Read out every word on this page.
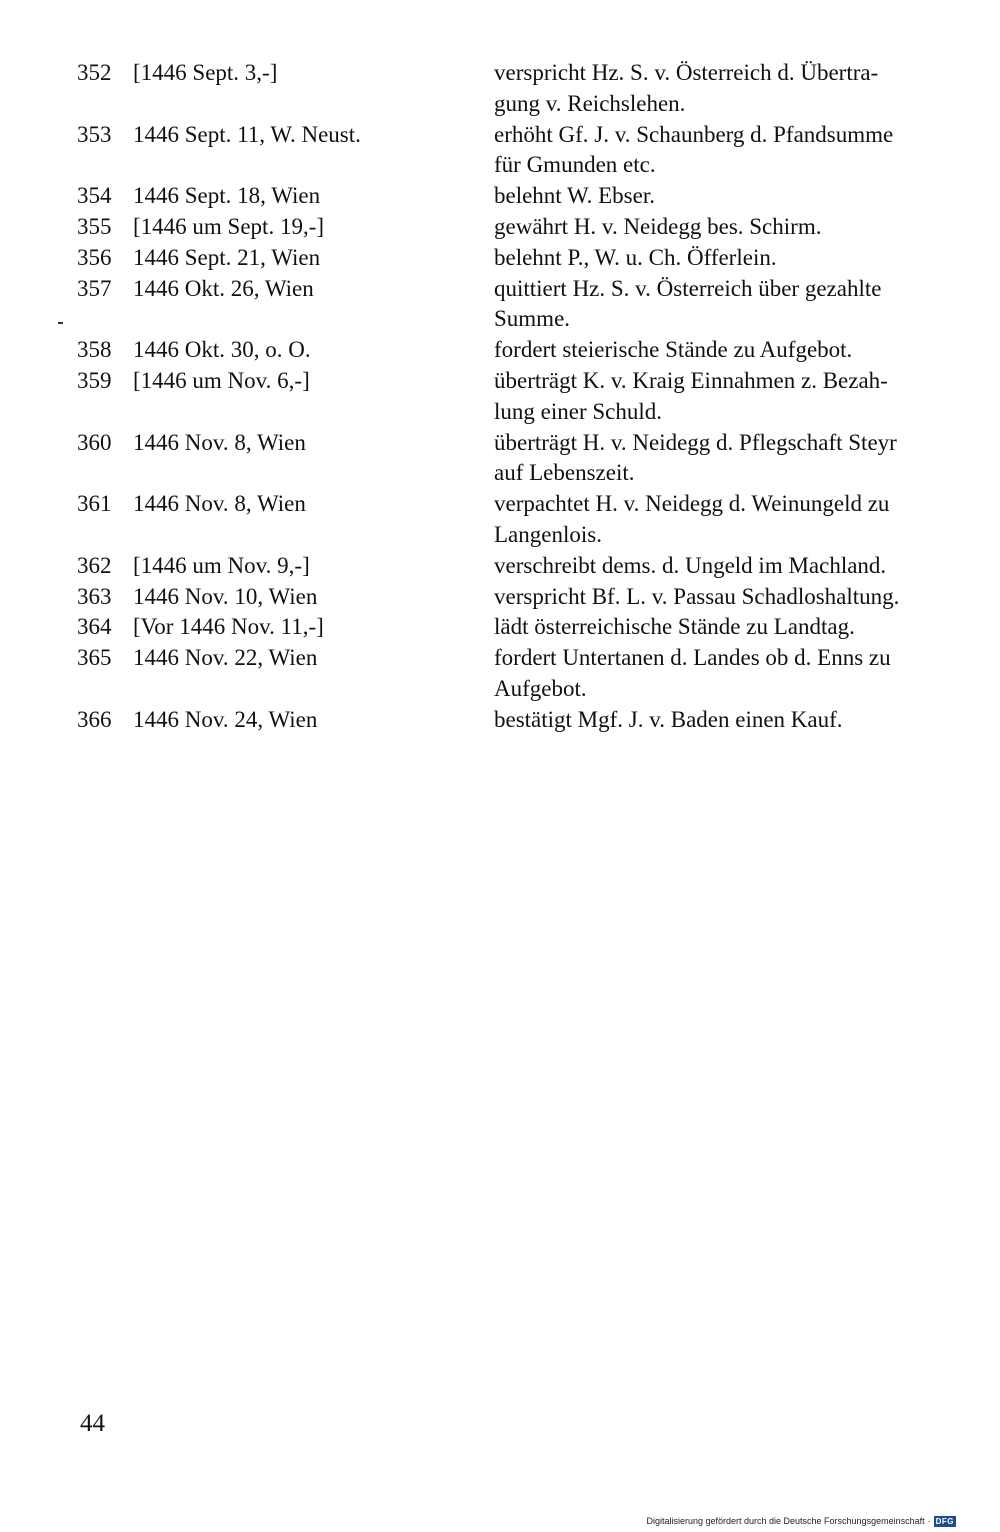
352 [1446 Sept. 3,-]	verspricht Hz. S. v. Österreich d. Übertra-
gung v. Reichslehen.
353 1446 Sept. 11, W. Neust.	erhöht Gf. J. v. Schaunberg d. Pfandsumme
für Gmunden etc.
354 1446 Sept. 18, Wien	belehnt W. Ebser.
355 [1446 um Sept. 19,-]	gewährt H. v. Neidegg bes. Schirm.
356 1446 Sept. 21, Wien	belehnt P., W. u. Ch. Öfferlein.
357 1446 Okt. 26, Wien	quittiert Hz. S. v. Österreich über gezahlte
Summe.
358 1446 Okt. 30, o. O.	fordert steierische Stände zu Aufgebot.
359 [1446 um Nov. 6,-]	überträgt K. v. Kraig Einnahmen z. Bezah-
lung einer Schuld.
360 1446 Nov. 8, Wien	überträgt H. v. Neidegg d. Pflegschaft Steyr
auf Lebenszeit.
361 1446 Nov. 8, Wien	verpachtet H. v. Neidegg d. Weinungeld zu
Langenlois.
362 [1446 um Nov. 9,-]	verschreibt dems. d. Ungeld im Machland.
363 1446 Nov. 10, Wien	verspricht Bf. L. v. Passau Schadloshaltung.
364 [Vor 1446 Nov. 11,-]	lädt österreichische Stände zu Landtag.
365 1446 Nov. 22, Wien	fordert Untertanen d. Landes ob d. Enns zu
Aufgebot.
366 1446 Nov. 24, Wien	bestätigt Mgf. J. v. Baden einen Kauf.
44
Digitalisierung gefördert durch die Deutsche Forschungsgemeinschaft · DFG
